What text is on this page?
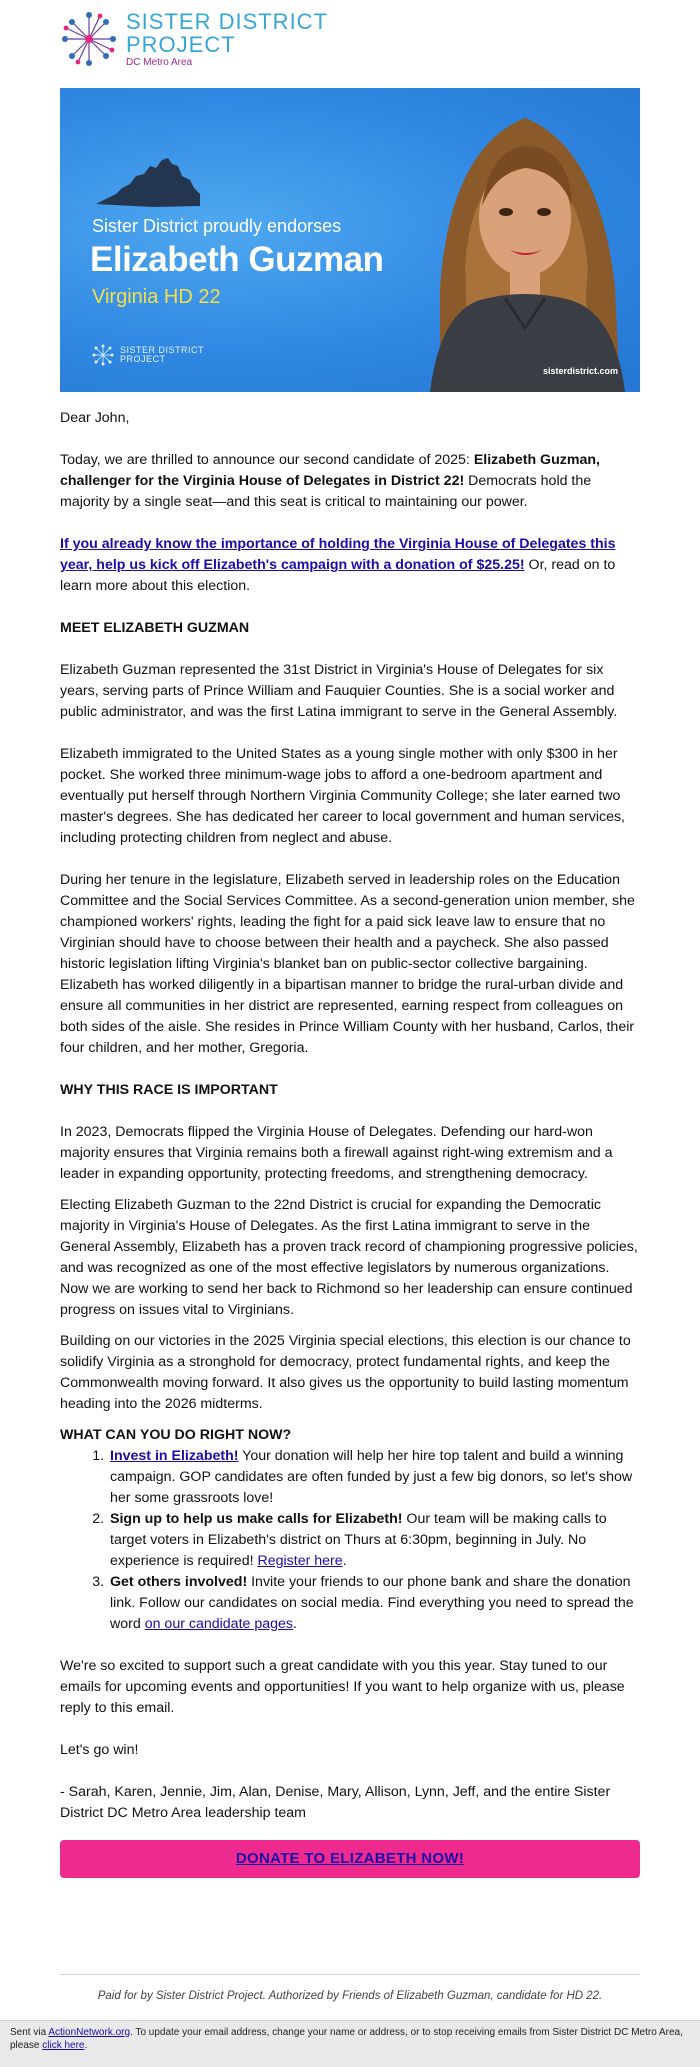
SISTER DISTRICT
PROJECT
DC Metro Area
Sister District proudly endorses
Elizabeth Guzman
Virginia HD 22
SISTER DISTRICT
PROJECT
sisterdistrict.com

Dear John,

Today, we are thrilled to announce our second candidate of 2025: Elizabeth Guzman, challenger for the Virginia House of Delegates in District 22! Democrats hold the majority by a single seat—and this seat is critical to maintaining our power.

If you already know the importance of holding the Virginia House of Delegates this year, help us kick off Elizabeth's campaign with a donation of $25.25! Or, read on to learn more about this election.

MEET ELIZABETH GUZMAN

Elizabeth Guzman represented the 31st District in Virginia's House of Delegates for six years, serving parts of Prince William and Fauquier Counties. She is a social worker and public administrator, and was the first Latina immigrant to serve in the General Assembly.

Elizabeth immigrated to the United States as a young single mother with only $300 in her pocket. She worked three minimum-wage jobs to afford a one-bedroom apartment and eventually put herself through Northern Virginia Community College; she later earned two master's degrees. She has dedicated her career to local government and human services, including protecting children from neglect and abuse.

During her tenure in the legislature, Elizabeth served in leadership roles on the Education Committee and the Social Services Committee. As a second-generation union member, she championed workers' rights, leading the fight for a paid sick leave law to ensure that no Virginian should have to choose between their health and a paycheck. She also passed historic legislation lifting Virginia's blanket ban on public-sector collective bargaining. Elizabeth has worked diligently in a bipartisan manner to bridge the rural-urban divide and ensure all communities in her district are represented, earning respect from colleagues on both sides of the aisle. She resides in Prince William County with her husband, Carlos, their four children, and her mother, Gregoria.

WHY THIS RACE IS IMPORTANT

In 2023, Democrats flipped the Virginia House of Delegates. Defending our hard-won majority ensures that Virginia remains both a firewall against right-wing extremism and a leader in expanding opportunity, protecting freedoms, and strengthening democracy.

Electing Elizabeth Guzman to the 22nd District is crucial for expanding the Democratic majority in Virginia's House of Delegates. As the first Latina immigrant to serve in the General Assembly, Elizabeth has a proven track record of championing progressive policies, and was recognized as one of the most effective legislators by numerous organizations. Now we are working to send her back to Richmond so her leadership can ensure continued progress on issues vital to Virginians.

Building on our victories in the 2025 Virginia special elections, this election is our chance to solidify Virginia as a stronghold for democracy, protect fundamental rights, and keep the Commonwealth moving forward. It also gives us the opportunity to build lasting momentum heading into the 2026 midterms.

WHAT CAN YOU DO RIGHT NOW?
1. Invest in Elizabeth! Your donation will help her hire top talent and build a winning campaign. GOP candidates are often funded by just a few big donors, so let's show her some grassroots love!
2. Sign up to help us make calls for Elizabeth! Our team will be making calls to target voters in Elizabeth's district on Thurs at 6:30pm, beginning in July. No experience is required! Register here.
3. Get others involved! Invite your friends to our phone bank and share the donation link. Follow our candidates on social media. Find everything you need to spread the word on our candidate pages.

We're so excited to support such a great candidate with you this year. Stay tuned to our emails for upcoming events and opportunities! If you want to help organize with us, please reply to this email.

Let's go win!

- Sarah, Karen, Jennie, Jim, Alan, Denise, Mary, Allison, Lynn, Jeff, and the entire Sister District DC Metro Area leadership team

DONATE TO ELIZABETH NOW!
Paid for by Sister District Project. Authorized by Friends of Elizabeth Guzman, candidate for HD 22.
Sent via ActionNetwork.org. To update your email address, change your name or address, or to stop receiving emails from Sister District DC Metro Area, please click here.
